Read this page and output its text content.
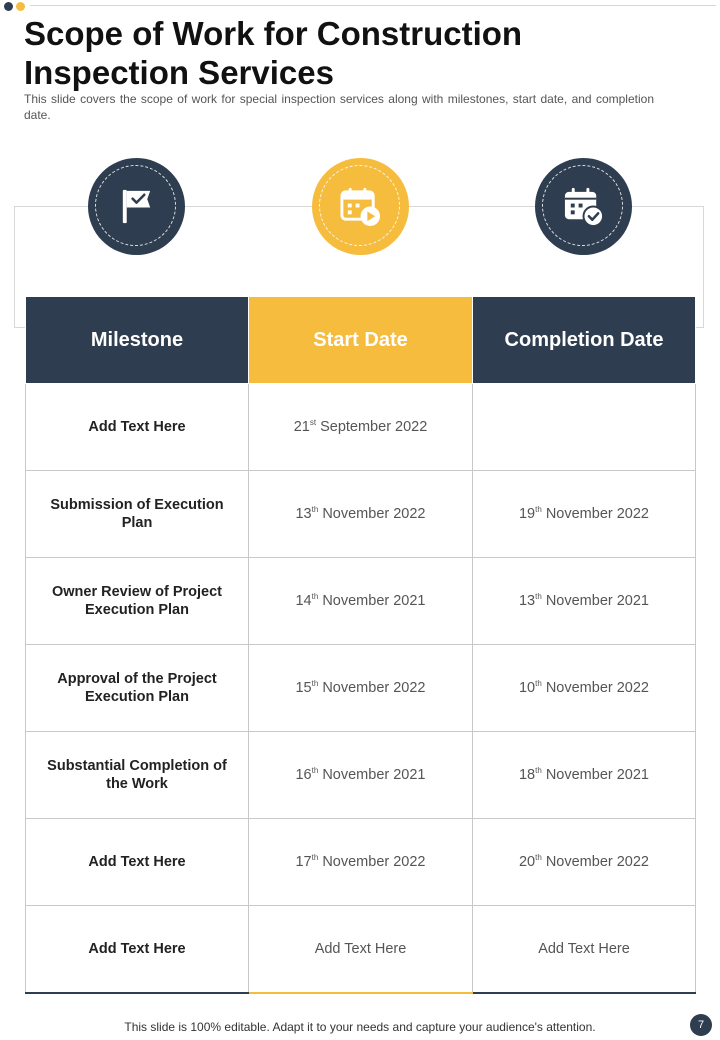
Scope of Work for Construction Inspection Services
This slide covers the scope of work for special inspection services along with milestones, start date, and completion date.
Milestone	Start Date	Completion Date
Add Text Here	21st September 2022	
Submission of Execution Plan	13th November 2022	19th November 2022
Owner Review of Project Execution Plan	14th November 2021	13th November 2021
Approval of the Project Execution Plan	15th November 2022	10th November 2022
Substantial Completion of the Work	16th November 2021	18th November 2021
Add Text Here	17th November 2022	20th November 2022
Add Text Here	Add Text Here	Add Text Here
This slide is 100% editable. Adapt it to your needs and capture your audience's attention.	7
